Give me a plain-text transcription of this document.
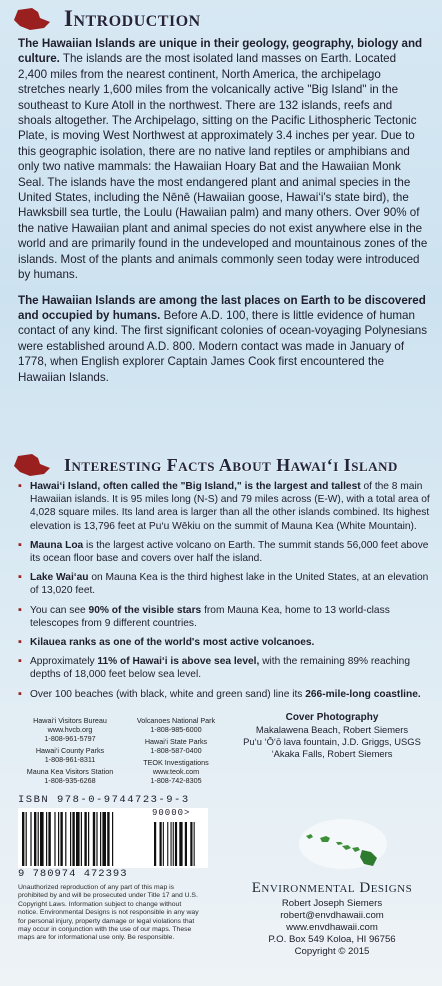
Introduction

The Hawaiian Islands are unique in their geology, geography, biology and culture. The islands are the most isolated land masses on Earth. Located 2,400 miles from the nearest continent, North America, the archipelago stretches nearly 1,600 miles from the volcanically active "Big Island" in the southeast to Kure Atoll in the northwest. There are 132 islands, reefs and shoals altogether. The Archipelago, sitting on the Pacific Lithospheric Tectonic Plate, is moving West Northwest at approximately 3.4 inches per year. Due to this geographic isolation, there are no native land reptiles or amphibians and only two native mammals: the Hawaiian Hoary Bat and the Hawaiian Monk Seal. The islands have the most endangered plant and animal species in the United States, including the Nēnē (Hawaiian goose, Hawai‘i's state bird), the Hawksbill sea turtle, the Loulu (Hawaiian palm) and many others. Over 90% of the native Hawaiian plant and animal species do not exist anywhere else in the world and are primarily found in the undeveloped and mountainous zones of the islands. Most of the plants and animals commonly seen today were introduced by humans.

The Hawaiian Islands are among the last places on Earth to be discovered and occupied by humans. Before A.D. 100, there is little evidence of human contact of any kind. The first significant colonies of ocean-voyaging Polynesians were established around A.D. 800. Modern contact was made in January of 1778, when English explorer Captain James Cook first encountered the Hawaiian Islands.

Interesting Facts About Hawai‘i Island
▪ Hawai‘i Island, often called the "Big Island," is the largest and tallest of the 8 main Hawaiian islands. It is 95 miles long (N-S) and 79 miles across (E-W), with a total area of 4,028 square miles. Its land area is larger than all the other islands combined. Its highest elevation is 13,796 feet at Pu‘u Wēkiu on the summit of Mauna Kea (White Mountain).
▪ Mauna Loa is the largest active volcano on Earth. The summit stands 56,000 feet above its ocean floor base and covers over half the island.
▪ Lake Wai‘au on Mauna Kea is the third highest lake in the United States, at an elevation of 13,020 feet.
▪ You can see 90% of the visible stars from Mauna Kea, home to 13 world-class telescopes from 9 different countries.
▪ Kilauea ranks as one of the world's most active volcanoes.
▪ Approximately 11% of Hawai‘i is above sea level, with the remaining 89% reaching depths of 18,000 feet below sea level.
▪ Over 100 beaches (with black, white and green sand) line its 266-mile-long coastline.
Hawai‘i Visitors Bureau
www.hvcb.org
1-808-961-5797
Hawai‘i County Parks
1-808-961-8311
Mauna Kea Visitors Station
1-808-935-6268
Volcanoes National Park
1-808-985-6000
Hawai‘i State Parks
1-808-587-0400
TEOK Investigations
www.teok.com
1-808-742-8305
Cover Photography
Makalawena Beach, Robert Siemers
Pu‘u ‘Ō‘ō lava fountain, J.D. Griggs, USGS
‘Akaka Falls, Robert Siemers
ISBN 978-0-9744723-9-3
90000>
9 780974 472393
Unauthorized reproduction of any part of this map is prohibited by and will be prosecuted under Title 17 and U.S. Copyright Laws. Information subject to change without notice. Environmental Designs is not responsible in any way for personal injury, property damage or legal violations that may occur in conjunction with the use of our maps. These maps are for informational use only. Be responsible.
Environmental Designs
Robert Joseph Siemers
robert@envdhawaii.com
www.envdhawaii.com
P.O. Box 549 Koloa, HI 96756
Copyright © 2015
